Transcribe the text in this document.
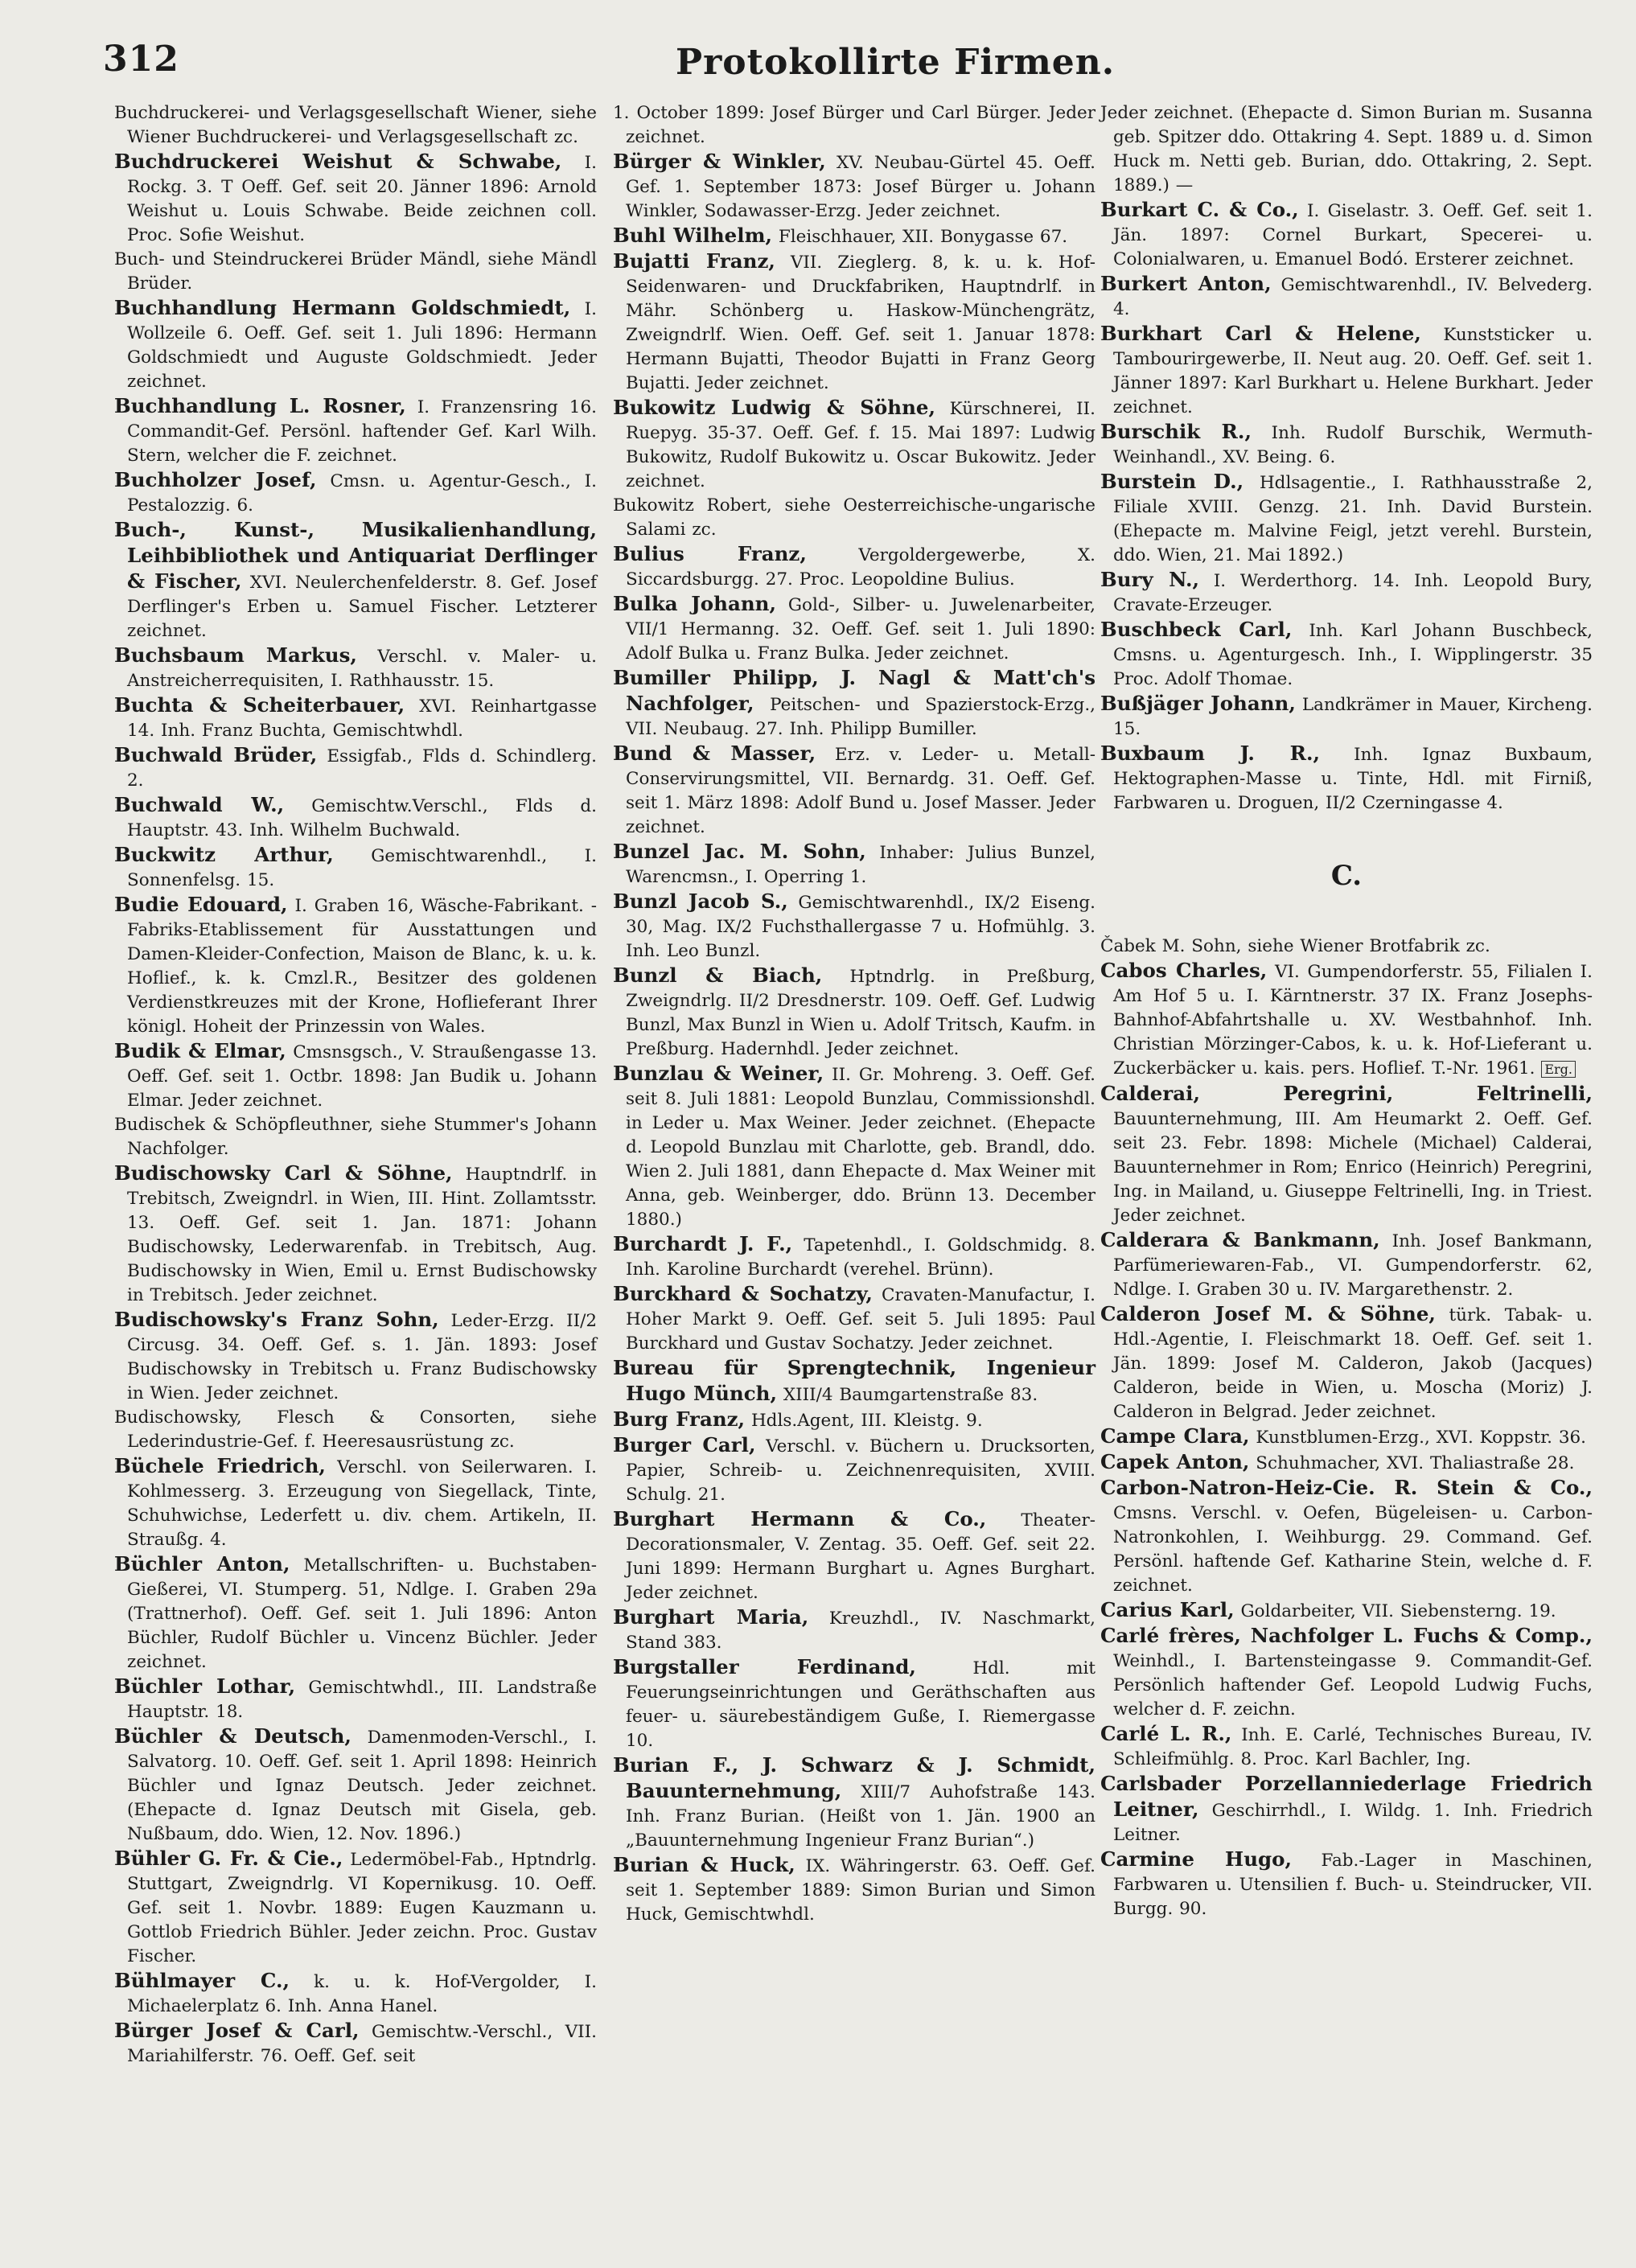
312	Protokollirte Firmen.

Buchdruckerei- und Verlagsgesellschaft Wiener, siehe Wiener Buchdruckerei- und Verlagsgesellschaft zc.

Buchdruckerei Weishut & Schwabe, I. Rockg. 3. T Oeff. Gef. seit 20. Jänner 1896: Arnold Weishut u. Louis Schwabe. Beide zeichnen coll. Proc. Sofie Weishut.

Buch- und Steindruckerei Brüder Mändl, siehe Mändl Brüder.

Buchhandlung Hermann Goldschmiedt, I. Wollzeile 6. Oeff. Gef. seit 1. Juli 1896: Hermann Goldschmiedt und Auguste Goldschmiedt. Jeder zeichnet.

Buchhandlung L. Rosner, I. Franzensring 16. Commandit-Gef. Persönl. haftender Gef. Karl Wilh. Stern, welcher die F. zeichnet.

Buchholzer Josef, Cmsn. u. Agentur-Gesch., I. Pestalozzig. 6.

Buch-, Kunst-, Musikalienhandlung, Leihbibliothek und Antiquariat Derflinger & Fischer, XVI. Neulerchenfelderstr. 8. Gef. Josef Derflinger's Erben u. Samuel Fischer. Letzterer zeichnet.

Buchsbaum Markus, Verschl. v. Maler- u. Anstreicherrequisiten, I. Rathhausstr. 15.

Buchta & Scheiterbauer, XVI. Reinhartgasse 14. Inh. Franz Buchta, Gemischtwhdl.

Buchwald Brüder, Essigfab., Flds d. Schindlerg. 2.

Buchwald W., Gemischtw.Verschl., Flds d. Hauptstr. 43. Inh. Wilhelm Buchwald.

Buckwitz Arthur, Gemischtwarenhdl., I. Sonnenfelsg. 15.

Budie Edouard, I. Graben 16, Wäsche-Fabrikant. - Fabriks-Etablissement für Ausstattungen und Damen-Kleider-Confection, Maison de Blanc, k. u. k. Hoflief., k. k. Cmzl.R., Besitzer des goldenen Verdienstkreuzes mit der Krone, Hoflieferant Ihrer königl. Hoheit der Prinzessin von Wales.

Budik & Elmar, Cmsnsgsch., V. Straußengasse 13. Oeff. Gef. seit 1. Octbr. 1898: Jan Budik u. Johann Elmar. Jeder zeichnet.

Budischek & Schöpfleuthner, siehe Stummer's Johann Nachfolger.

Budischowsky Carl & Söhne, Hauptndrlf. in Trebitsch, Zweigndrl. in Wien, III. Hint. Zollamtsstr. 13. Oeff. Gef. seit 1. Jan. 1871: Johann Budischowsky, Lederwarenfab. in Trebitsch, Aug. Budischowsky in Wien, Emil u. Ernst Budischowsky in Trebitsch. Jeder zeichnet.

Budischowsky's Franz Sohn, Leder-Erzg. II/2 Circusg. 34. Oeff. Gef. s. 1. Jän. 1893: Josef Budischowsky in Trebitsch u. Franz Budischowsky in Wien. Jeder zeichnet.

Budischowsky, Flesch & Consorten, siehe Lederindustrie-Gef. f. Heeresausrüstung zc.

Büchele Friedrich, Verschl. von Seilerwaren. I. Kohlmesserg. 3. Erzeugung von Siegellack, Tinte, Schuhwichse, Lederfett u. div. chem. Artikeln, II. Straußg. 4.

Büchler Anton, Metallschriften- u. Buchstaben-Gießerei, VI. Stumperg. 51, Ndlge. I. Graben 29a (Trattnerhof). Oeff. Gef. seit 1. Juli 1896: Anton Büchler, Rudolf Büchler u. Vincenz Büchler. Jeder zeichnet.

Büchler Lothar, Gemischtwhdl., III. Landstraße Hauptstr. 18.

Büchler & Deutsch, Damenmoden-Verschl., I. Salvatorg. 10. Oeff. Gef. seit 1. April 1898: Heinrich Büchler und Ignaz Deutsch. Jeder zeichnet. (Ehepacte d. Ignaz Deutsch mit Gisela, geb. Nußbaum, ddo. Wien, 12. Nov. 1896.)

Bühler G. Fr. & Cie., Ledermöbel-Fab., Hptndrlg. Stuttgart, Zweigndrlg. VI Kopernikusg. 10. Oeff. Gef. seit 1. Novbr. 1889: Eugen Kauzmann u. Gottlob Friedrich Bühler. Jeder zeichn. Proc. Gustav Fischer.

Bühlmayer C., k. u. k. Hof-Vergolder, I. Michaelerplatz 6. Inh. Anna Hanel.

Bürger Josef & Carl, Gemischtw.-Verschl., VII. Mariahilferstr. 76. Oeff. Gef. seit

1. October 1899: Josef Bürger und Carl Bürger. Jeder zeichnet.

Bürger & Winkler, XV. Neubau-Gürtel 45. Oeff. Gef. 1. September 1873: Josef Bürger u. Johann Winkler, Sodawasser-Erzg. Jeder zeichnet.

Buhl Wilhelm, Fleischhauer, XII. Bonygasse 67.

Bujatti Franz, VII. Zieglerg. 8, k. u. k. Hof-Seidenwaren- und Druckfabriken, Hauptndrlf. in Mähr. Schönberg u. Haskow-Münchengrätz, Zweigndrlf. Wien. Oeff. Gef. seit 1. Januar 1878: Hermann Bujatti, Theodor Bujatti in Franz Georg Bujatti. Jeder zeichnet.

Bukowitz Ludwig & Söhne, Kürschnerei, II. Ruepyg. 35-37. Oeff. Gef. f. 15. Mai 1897: Ludwig Bukowitz, Rudolf Bukowitz u. Oscar Bukowitz. Jeder zeichnet.

Bukowitz Robert, siehe Oesterreichische-ungarische Salami zc.

Bulius Franz,	Vergoldergewerbe, X. Siccardsburgg. 27. Proc. Leopoldine Bulius.

Bulka Johann, Gold-, Silber- u. Juwelenarbeiter, VII/1 Hermanng. 32. Oeff. Gef. seit 1. Juli 1890: Adolf Bulka u. Franz Bulka. Jeder zeichnet.

Bumiller Philipp, J. Nagl & Matt'ch's Nachfolger, Peitschen- und Spazierstock-Erzg., VII. Neubaug. 27. Inh. Philipp Bumiller.

Bund & Masser, Erz. v. Leder- u. Metall-Conservirungsmittel, VII. Bernardg. 31. Oeff. Gef. seit 1. März 1898: Adolf Bund u. Josef Masser. Jeder zeichnet.

Bunzel Jac. M. Sohn, Inhaber: Julius Bunzel, Warencmsn., I. Operring 1.

Bunzl Jacob S., Gemischtwarenhdl., IX/2 Eiseng. 30, Mag. IX/2 Fuchsthallergasse 7 u. Hofmühlg. 3. Inh. Leo Bunzl.

Bunzl & Biach, Hptndrlg. in Preßburg, Zweigndrlg. II/2 Dresdnerstr. 109. Oeff. Gef. Ludwig Bunzl, Max Bunzl in Wien u. Adolf Tritsch, Kaufm. in Preßburg. Hadernhdl. Jeder zeichnet.

Bunzlau & Weiner, II. Gr. Mohreng. 3. Oeff. Gef. seit 8. Juli 1881: Leopold Bunzlau, Commissionshdl. in Leder u. Max Weiner. Jeder zeichnet. (Ehepacte d. Leopold Bunzlau mit Charlotte, geb. Brandl, ddo. Wien 2. Juli 1881, dann Ehepacte d. Max Weiner mit Anna, geb. Weinberger, ddo. Brünn 13. December 1880.)

Burchardt J. F., Tapetenhdl., I. Goldschmidg. 8. Inh. Karoline Burchardt (verehel. Brünn).

Burckhard & Sochatzy, Cravaten-Manufactur, I. Hoher Markt 9. Oeff. Gef. seit 5. Juli 1895: Paul Burckhard und Gustav Sochatzy. Jeder zeichnet.

Bureau für Sprengtechnik, Ingenieur Hugo Münch, XIII/4 Baumgartenstraße 83.

Burg Franz, Hdls.Agent, III. Kleistg. 9.

Burger Carl, Verschl. v. Büchern u. Drucksorten, Papier, Schreib- u. Zeichnenrequisiten, XVIII. Schulg. 21.

Burghart Hermann & Co., Theater-Decorationsmaler, V. Zentag. 35. Oeff. Gef. seit 22. Juni 1899: Hermann Burghart u. Agnes Burghart. Jeder zeichnet.

Burghart Maria, Kreuzhdl., IV. Naschmarkt, Stand 383.

Burgstaller Ferdinand,	Hdl. mit Feuerungseinrichtungen und Geräthschaften aus feuer- u. säurebeständigem Guße, I. Riemergasse 10.

Burian F., J. Schwarz & J. Schmidt, Bauunternehmung, XIII/7 Auhofstraße 143. Inh. Franz Burian. (Heißt von 1. Jän. 1900 an „Bauunternehmung Ingenieur Franz Burian“.)

Burian & Huck, IX. Währingerstr. 63. Oeff. Gef. seit 1. September 1889: Simon Burian und Simon Huck, Gemischtwhdl.

Jeder zeichnet. (Ehepacte d. Simon Burian m. Susanna geb. Spitzer ddo. Ottakring 4. Sept. 1889 u. d. Simon Huck m. Netti geb. Burian, ddo. Ottakring, 2. Sept. 1889.) —

Burkart C. & Co., I. Giselastr. 3. Oeff. Gef. seit 1. Jän. 1897: Cornel Burkart, Specerei- u. Colonialwaren, u. Emanuel Bodó. Ersterer zeichnet.

Burkert Anton, Gemischtwarenhdl., IV. Belvederg. 4.

Burkhart Carl & Helene, Kunststicker u. Tambourirgewerbe, II. Neut aug. 20. Oeff. Gef. seit 1. Jänner 1897: Karl Burkhart u. Helene Burkhart. Jeder zeichnet.

Burschik R., Inh. Rudolf Burschik, Wermuth-Weinhandl., XV. Being. 6.

Burstein D., Hdlsagentie., I. Rathhausstraße 2, Filiale XVIII. Genzg. 21. Inh. David Burstein. (Ehepacte m. Malvine Feigl, jetzt verehl. Burstein, ddo. Wien, 21. Mai 1892.)

Bury N., I. Werderthorg. 14. Inh. Leopold Bury, Cravate-Erzeuger.

Buschbeck Carl, Inh. Karl Johann Buschbeck, Cmsns. u. Agenturgesch. Inh., I. Wipplingerstr. 35 Proc. Adolf Thomae.

Bußjäger Johann, Landkrämer in Mauer, Kircheng. 15.

Buxbaum J. R., Inh. Ignaz Buxbaum, Hektographen-Masse u. Tinte, Hdl. mit Firniß, Farbwaren u. Droguen, II/2 Czerningasse 4.

C.

Čabek M. Sohn, siehe Wiener Brotfabrik zc.

Cabos Charles, VI. Gumpendorferstr. 55, Filialen I. Am Hof 5 u. I. Kärntnerstr. 37 IX. Franz Josephs-Bahnhof-Abfahrtshalle u. XV. Westbahnhof. Inh. Christian Mörzinger-Cabos, k. u. k. Hof-Lieferant u. Zuckerbäcker u. kais. pers. Hoflief. T.-Nr. 1961. Erg.

Calderai, Peregrini, Feltrinelli, Bauunternehmung, III. Am Heumarkt 2. Oeff. Gef. seit 23. Febr. 1898: Michele (Michael) Calderai, Bauunternehmer in Rom; Enrico (Heinrich) Peregrini, Ing. in Mailand, u. Giuseppe Feltrinelli, Ing. in Triest. Jeder zeichnet.

Calderara & Bankmann, Inh. Josef Bankmann, Parfümeriewaren-Fab., VI. Gumpendorferstr. 62, Ndlge. I. Graben 30 u. IV. Margarethenstr. 2.

Calderon Josef M. & Söhne, türk. Tabak- u. Hdl.-Agentie, I. Fleischmarkt 18. Oeff. Gef. seit 1. Jän. 1899: Josef M. Calderon, Jakob (Jacques) Calderon, beide in Wien, u. Moscha (Moriz) J. Calderon in Belgrad. Jeder zeichnet.

Campe Clara, Kunstblumen-Erzg., XVI. Koppstr. 36.

Capek Anton, Schuhmacher, XVI. Thaliastraße 28.

Carbon-Natron-Heiz-Cie. R. Stein & Co., Cmsns. Verschl. v. Oefen, Bügeleisen- u. Carbon-Natronkohlen, I. Weihburgg. 29. Command. Gef. Persönl. haftende Gef. Katharine Stein, welche d. F. zeichnet.

Carius Karl, Goldarbeiter, VII. Siebensterng. 19.

Carlé frères, Nachfolger L. Fuchs & Comp., Weinhdl., I. Bartensteingasse 9. Commandit-Gef. Persönlich haftender Gef. Leopold Ludwig Fuchs, welcher d. F. zeichn.

Carlé L. R., Inh. E. Carlé, Technisches Bureau, IV. Schleifmühlg. 8. Proc. Karl Bachler, Ing.

Carlsbader Porzellanniederlage Friedrich Leitner, Geschirrhdl., I. Wildg. 1. Inh. Friedrich Leitner.

Carmine Hugo, Fab.-Lager in Maschinen, Farbwaren u. Utensilien f. Buch- u. Steindrucker, VII. Burgg. 90.
